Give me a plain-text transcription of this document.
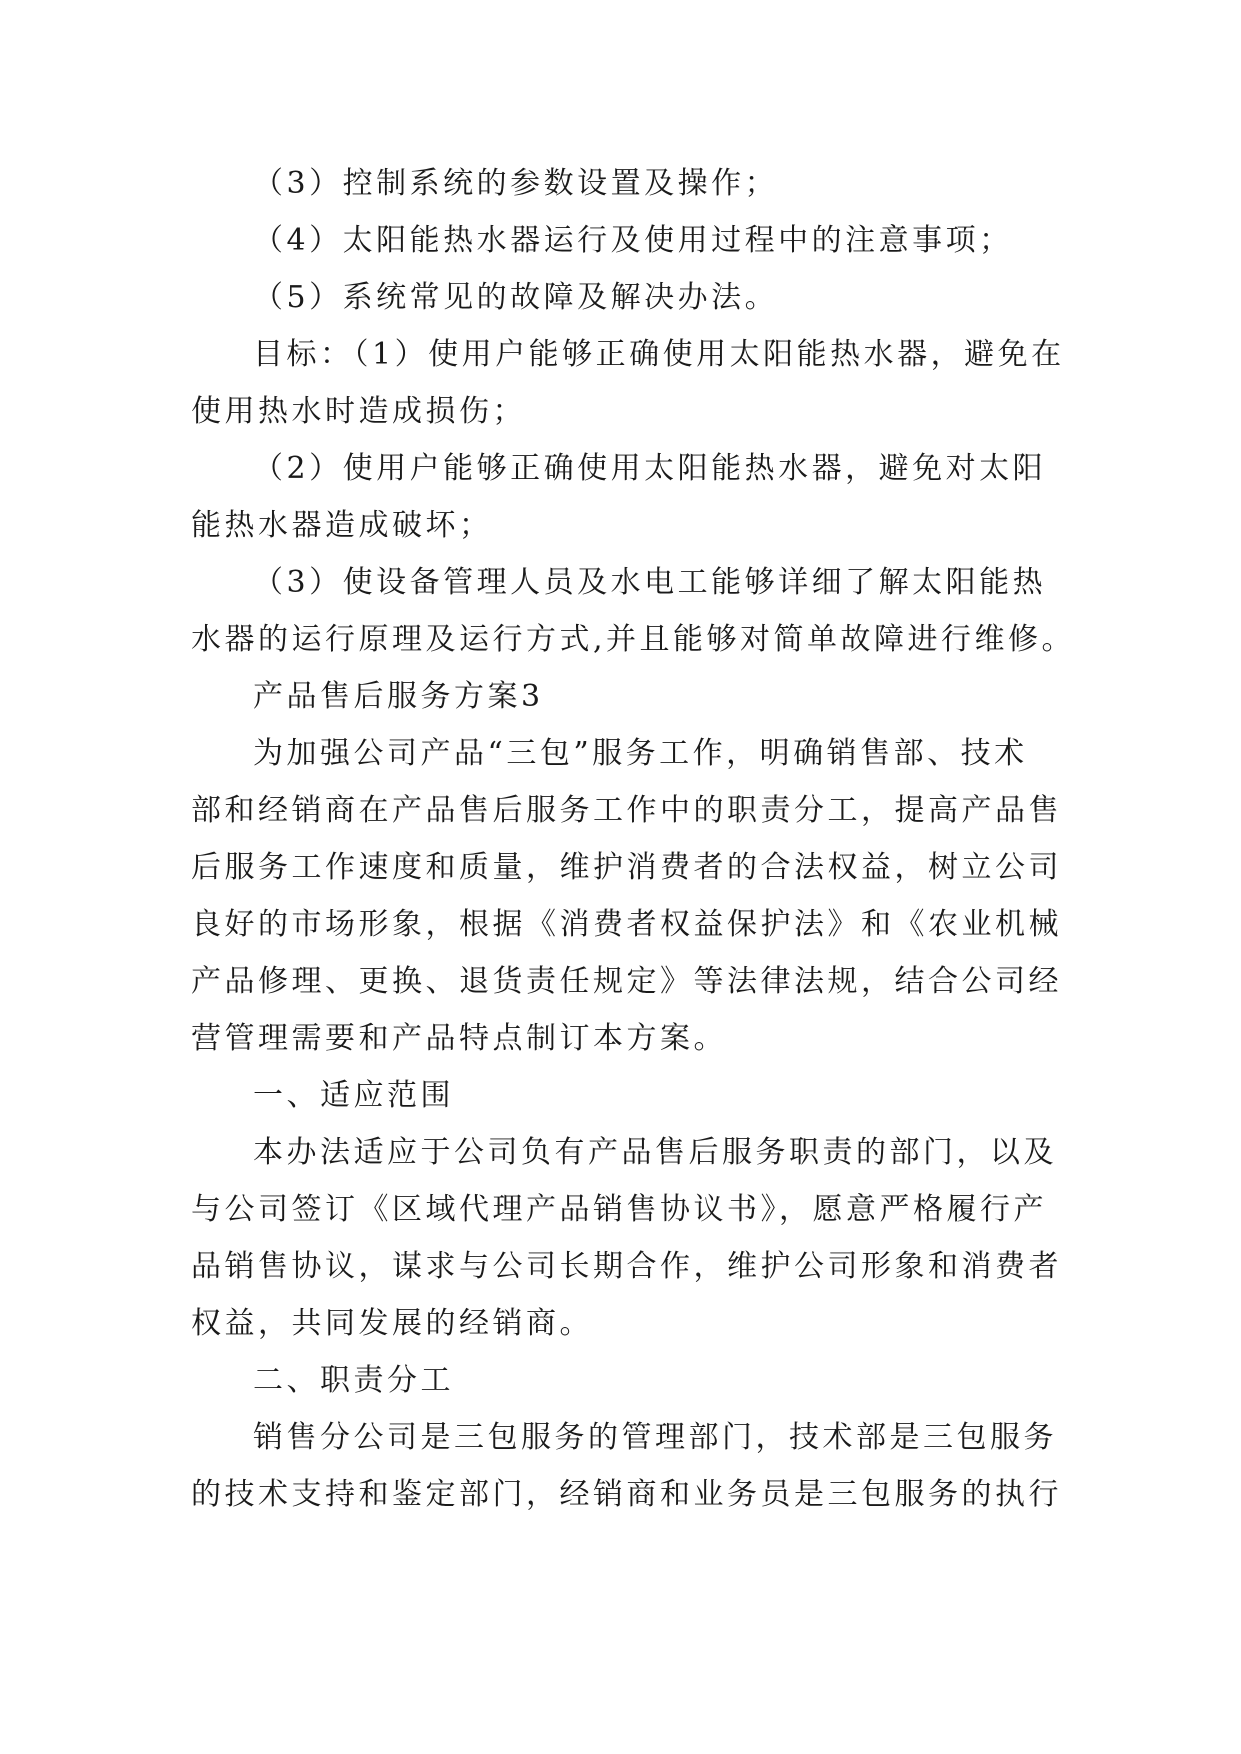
（3）控制系统的参数设置及操作；
（4）太阳能热水器运行及使用过程中的注意事项；
（5）系统常见的故障及解决办法。
目标：（1）使用户能够正确使用太阳能热水器，避免在
使用热水时造成损伤；
（2）使用户能够正确使用太阳能热水器，避免对太阳
能热水器造成破坏；
（3）使设备管理人员及水电工能够详细了解太阳能热
水器的运行原理及运行方式,并且能够对简单故障进行维修。
产品售后服务方案3
为加强公司产品“三包”服务工作，明确销售部、技术
部和经销商在产品售后服务工作中的职责分工，提高产品售
后服务工作速度和质量，维护消费者的合法权益，树立公司
良好的市场形象，根据《消费者权益保护法》和《农业机械
产品修理、更换、退货责任规定》等法律法规，结合公司经
营管理需要和产品特点制订本方案。
一、适应范围
本办法适应于公司负有产品售后服务职责的部门，以及
与公司签订《区域代理产品销售协议书》，愿意严格履行产
品销售协议，谋求与公司长期合作，维护公司形象和消费者
权益，共同发展的经销商。
二、职责分工
销售分公司是三包服务的管理部门，技术部是三包服务
的技术支持和鉴定部门，经销商和业务员是三包服务的执行
